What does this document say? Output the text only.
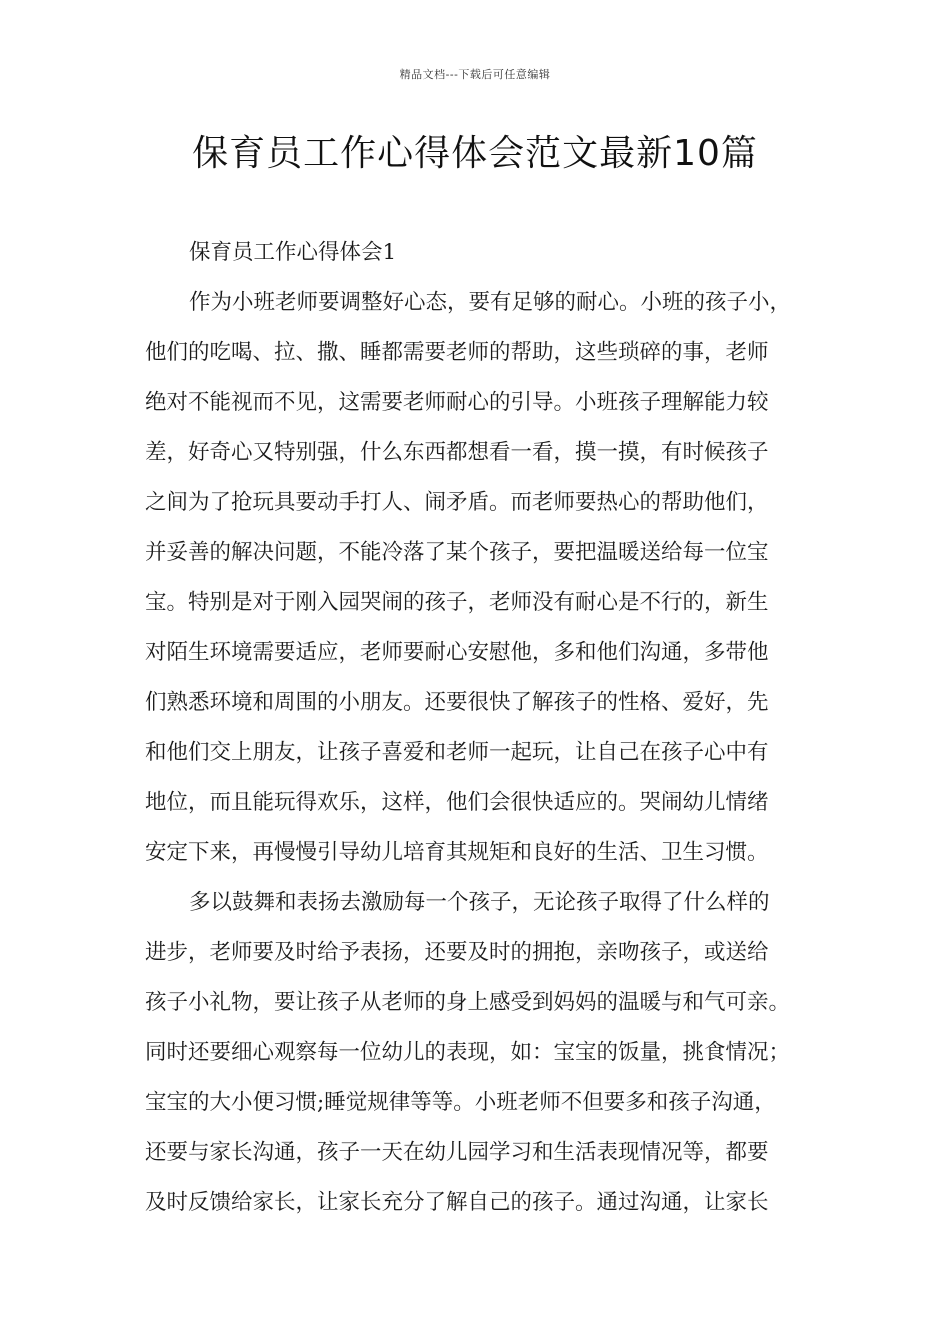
精品文档---下载后可任意编辑
保育员工作心得体会范文最新10篇
保育员工作心得体会1
作为小班老师要调整好心态，要有足够的耐心。小班的孩子小，
他们的吃喝、拉、撒、睡都需要老师的帮助，这些琐碎的事，老师
绝对不能视而不见，这需要老师耐心的引导。小班孩子理解能力较
差，好奇心又特别强，什么东西都想看一看，摸一摸，有时候孩子
之间为了抢玩具要动手打人、闹矛盾。而老师要热心的帮助他们，
并妥善的解决问题，不能冷落了某个孩子，要把温暖送给每一位宝
宝。特别是对于刚入园哭闹的孩子，老师没有耐心是不行的，新生
对陌生环境需要适应，老师要耐心安慰他，多和他们沟通，多带他
们熟悉环境和周围的小朋友。还要很快了解孩子的性格、爱好，先
和他们交上朋友，让孩子喜爱和老师一起玩，让自己在孩子心中有
地位，而且能玩得欢乐，这样，他们会很快适应的。哭闹幼儿情绪
安定下来，再慢慢引导幼儿培育其规矩和良好的生活、卫生习惯。
多以鼓舞和表扬去激励每一个孩子，无论孩子取得了什么样的
进步，老师要及时给予表扬，还要及时的拥抱，亲吻孩子，或送给
孩子小礼物，要让孩子从老师的身上感受到妈妈的温暖与和气可亲。
同时还要细心观察每一位幼儿的表现，如：宝宝的饭量，挑食情况；
宝宝的大小便习惯;睡觉规律等等。小班老师不但要多和孩子沟通，
还要与家长沟通，孩子一天在幼儿园学习和生活表现情况等，都要
及时反馈给家长，让家长充分了解自己的孩子。通过沟通，让家长
